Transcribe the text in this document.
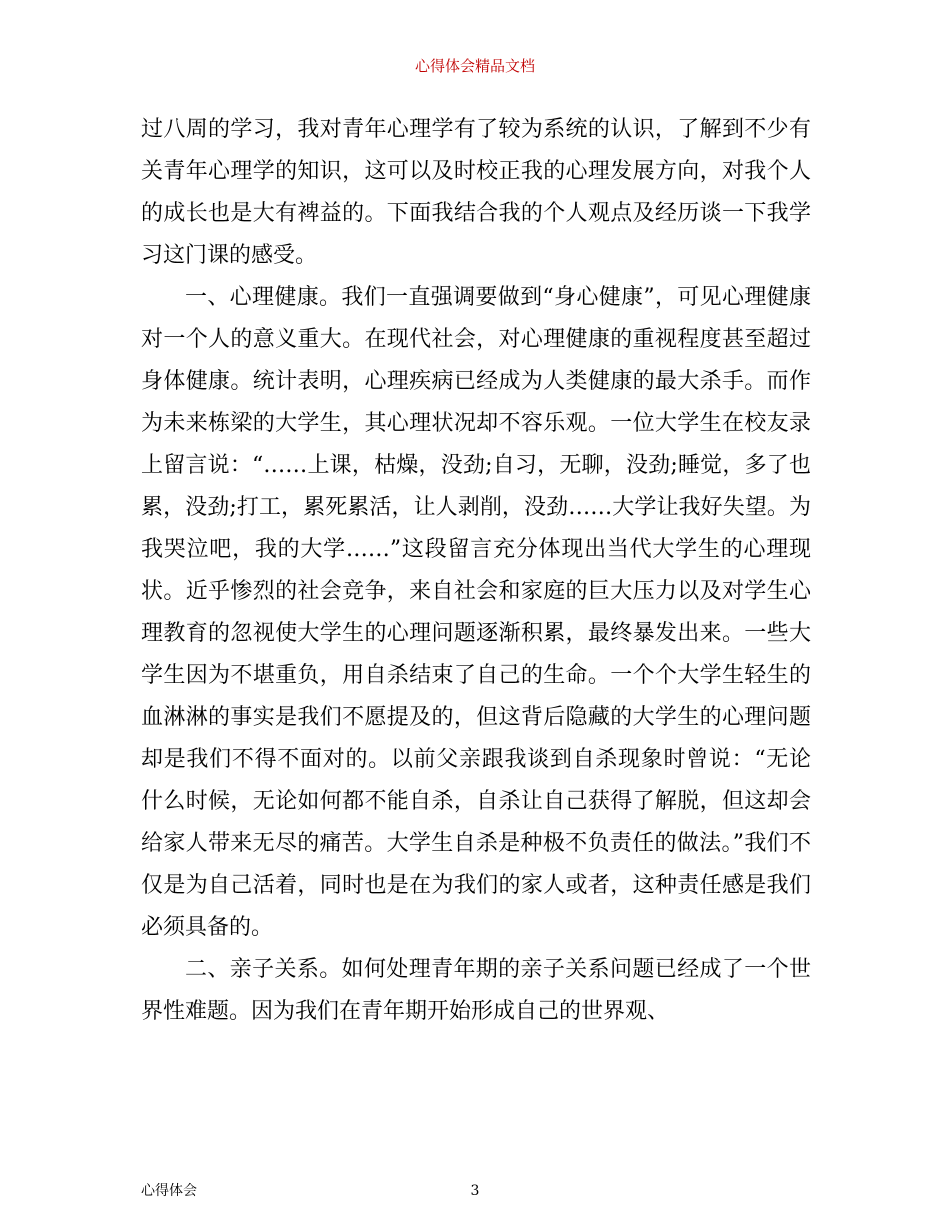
心得体会精品文档

过八周的学习，我对青年心理学有了较为系统的认识，了解到不少有关青年心理学的知识，这可以及时校正我的心理发展方向，对我个人的成长也是大有裨益的。下面我结合我的个人观点及经历谈一下我学习这门课的感受。

一、心理健康。我们一直强调要做到“身心健康”，可见心理健康对一个人的意义重大。在现代社会，对心理健康的重视程度甚至超过身体健康。统计表明，心理疾病已经成为人类健康的最大杀手。而作为未来栋梁的大学生，其心理状况却不容乐观。一位大学生在校友录上留言说：“……上课，枯燥，没劲;自习，无聊，没劲;睡觉，多了也累，没劲;打工，累死累活，让人剥削，没劲……大学让我好失望。为我哭泣吧，我的大学……”这段留言充分体现出当代大学生的心理现状。近乎惨烈的社会竞争，来自社会和家庭的巨大压力以及对学生心理教育的忽视使大学生的心理问题逐渐积累，最终暴发出来。一些大学生因为不堪重负，用自杀结束了自己的生命。一个个大学生轻生的血淋淋的事实是我们不愿提及的，但这背后隐藏的大学生的心理问题却是我们不得不面对的。以前父亲跟我谈到自杀现象时曾说：“无论什么时候，无论如何都不能自杀，自杀让自己获得了解脱，但这却会给家人带来无尽的痛苦。大学生自杀是种极不负责任的做法。”我们不仅是为自己活着，同时也是在为我们的家人或者，这种责任感是我们必须具备的。

二、亲子关系。如何处理青年期的亲子关系问题已经成了一个世界性难题。因为我们在青年期开始形成自己的世界观、

心得体会	3
